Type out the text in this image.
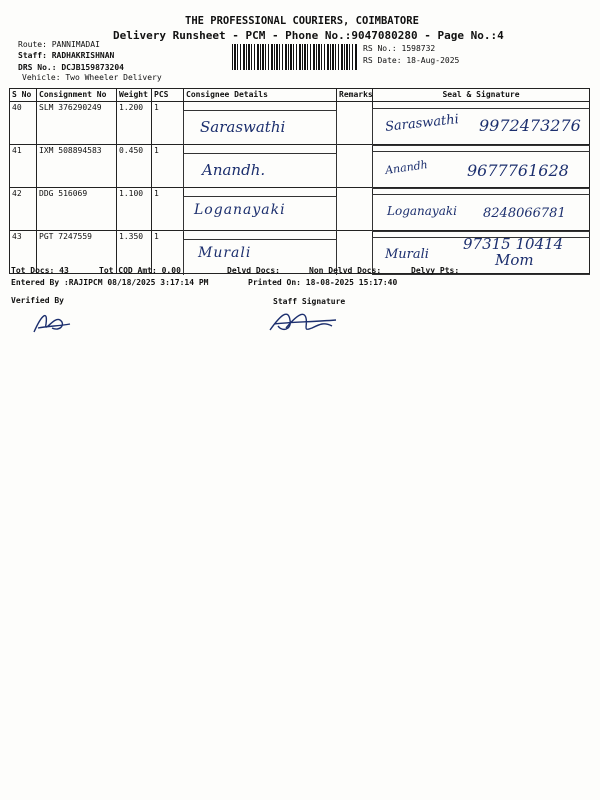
THE PROFESSIONAL COURIERS, COIMBATORE
Delivery Runsheet - PCM - Phone No.:9047080280 - Page No.:4
Route: PANNIMADAI
Staff: RADHAKRISHNAN
DRS No.: DCJB159873204
Vehicle: Two Wheeler Delivery
RS No.: 1598732
RS Date: 18-Aug-2025
S No	Consignment No	Weight	PCS	Consignee Details	Remarks	Seal & Signature
40	SLM 376290249	1.200	1	Saraswathi		Saraswathi 9972473276

41	IXM 508894583	0.450	1	Anandh.		Anandh 9677761628

42	DDG 516069	1.100	1	Loganayaki		Loganayaki 8248066781

43	PGT 7247559	1.350	1	Murali		Murali
97315 10414
Mom
Tot Docs: 43	Tot COD Amt: 0.00	Delvd Docs:	Non Delvd Docs:	Delvy Pts:
Entered By :RAJIPCM 08/18/2025 3:17:14 PM	Printed On: 18-08-2025 15:17:40
Verified By	Staff Signature
